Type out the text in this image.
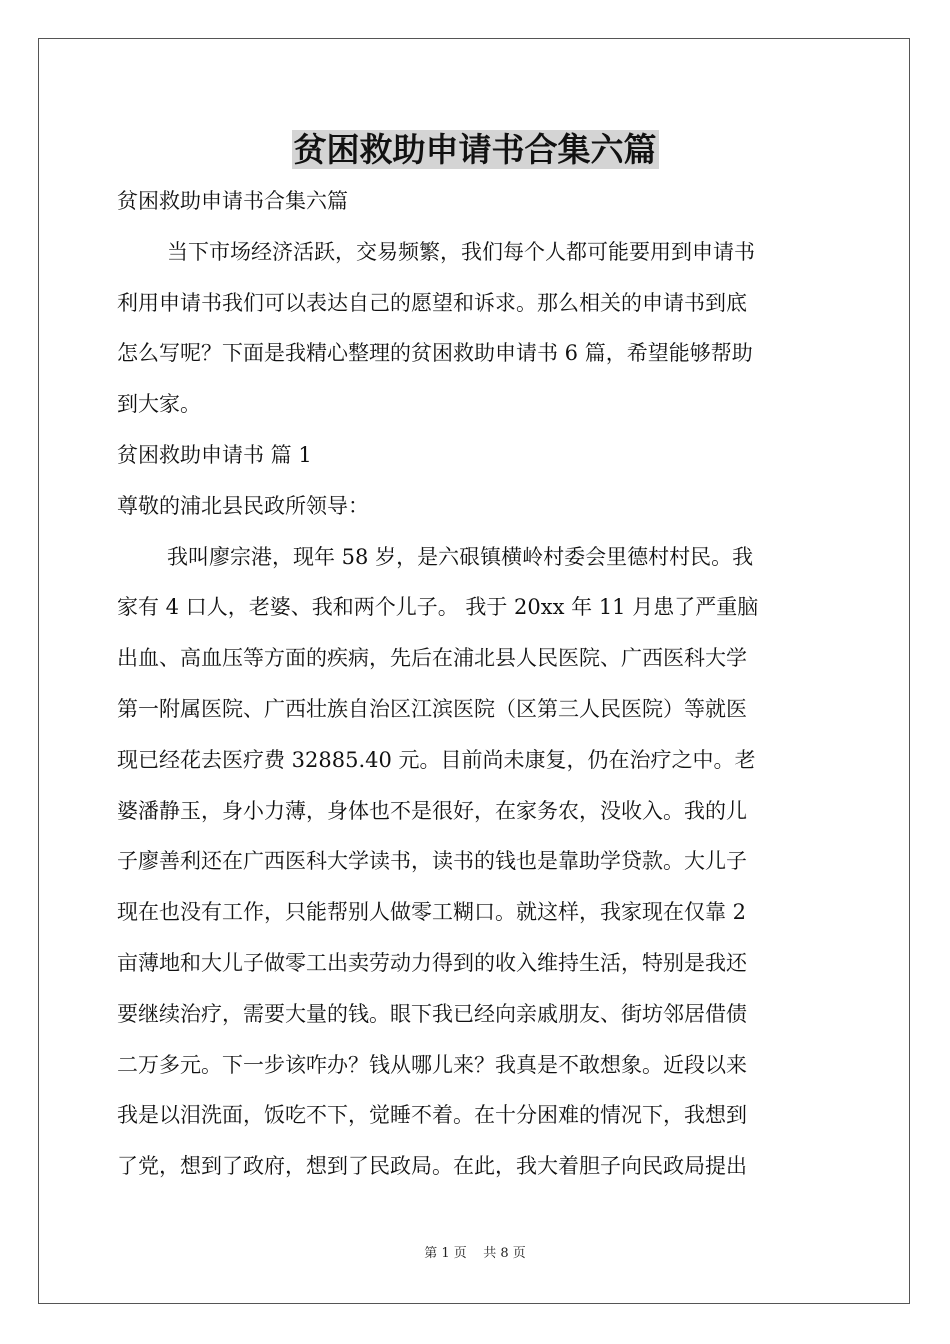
贫困救助申请书合集六篇

贫困救助申请书合集六篇

当下市场经济活跃，交易频繁，我们每个人都可能要用到申请书

利用申请书我们可以表达自己的愿望和诉求。那么相关的申请书到底

怎么写呢？下面是我精心整理的贫困救助申请书 6 篇，希望能够帮助

到大家。

贫困救助申请书 篇 1

尊敬的浦北县民政所领导：

我叫廖宗港，现年 58 岁，是六硍镇横岭村委会里德村村民。我

家有 4 口人，老婆、我和两个儿子。 我于 20xx 年 11 月患了严重脑

出血、高血压等方面的疾病，先后在浦北县人民医院、广西医科大学

第一附属医院、广西壮族自治区江滨医院（区第三人民医院）等就医

现已经花去医疗费 32885.40 元。目前尚未康复，仍在治疗之中。老

婆潘静玉，身小力薄，身体也不是很好，在家务农，没收入。我的儿

子廖善利还在广西医科大学读书，读书的钱也是靠助学贷款。大儿子

现在也没有工作，只能帮别人做零工糊口。就这样，我家现在仅靠 2

亩薄地和大儿子做零工出卖劳动力得到的收入维持生活，特别是我还

要继续治疗，需要大量的钱。眼下我已经向亲戚朋友、街坊邻居借债

二万多元。下一步该咋办？钱从哪儿来？我真是不敢想象。近段以来

我是以泪洗面，饭吃不下，觉睡不着。在十分困难的情况下，我想到

了党，想到了政府，想到了民政局。在此，我大着胆子向民政局提出

第 1 页    共 8 页
